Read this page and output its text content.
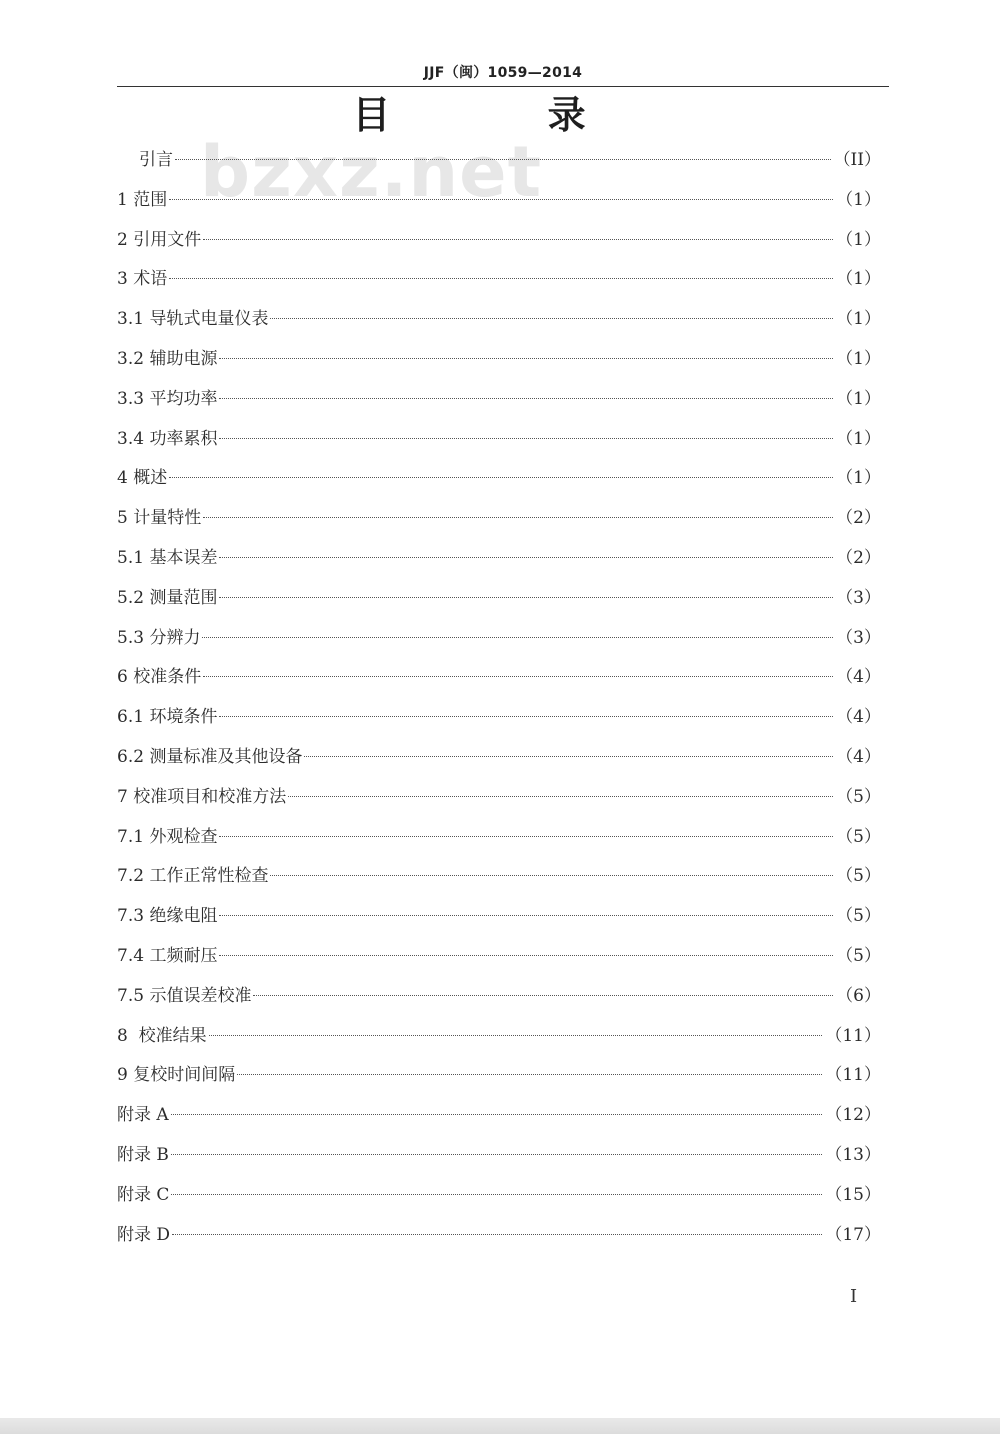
JJF（闽）1059—2014
目 录
bzxz.net
引言	（II）
1 范围	（1）
2 引用文件	（1）
3 术语	（1）
3.1 导轨式电量仪表	（1）
3.2 辅助电源	（1）
3.3 平均功率	（1）
3.4 功率累积	（1）
4 概述	（1）
5 计量特性	（2）
5.1 基本误差	（2）
5.2 测量范围	（3）
5.3 分辨力	（3）
6 校准条件	（4）
6.1 环境条件	（4）
6.2 测量标准及其他设备	（4）
7 校准项目和校准方法	（5）
7.1 外观检查	（5）
7.2 工作正常性检查	（5）
7.3 绝缘电阻	（5）
7.4 工频耐压	（5）
7.5 示值误差校准	（6）
8  校准结果	（11）
9 复校时间间隔	（11）
附录 A	（12）
附录 B	（13）
附录 C	（15）
附录 D	（17）
I
